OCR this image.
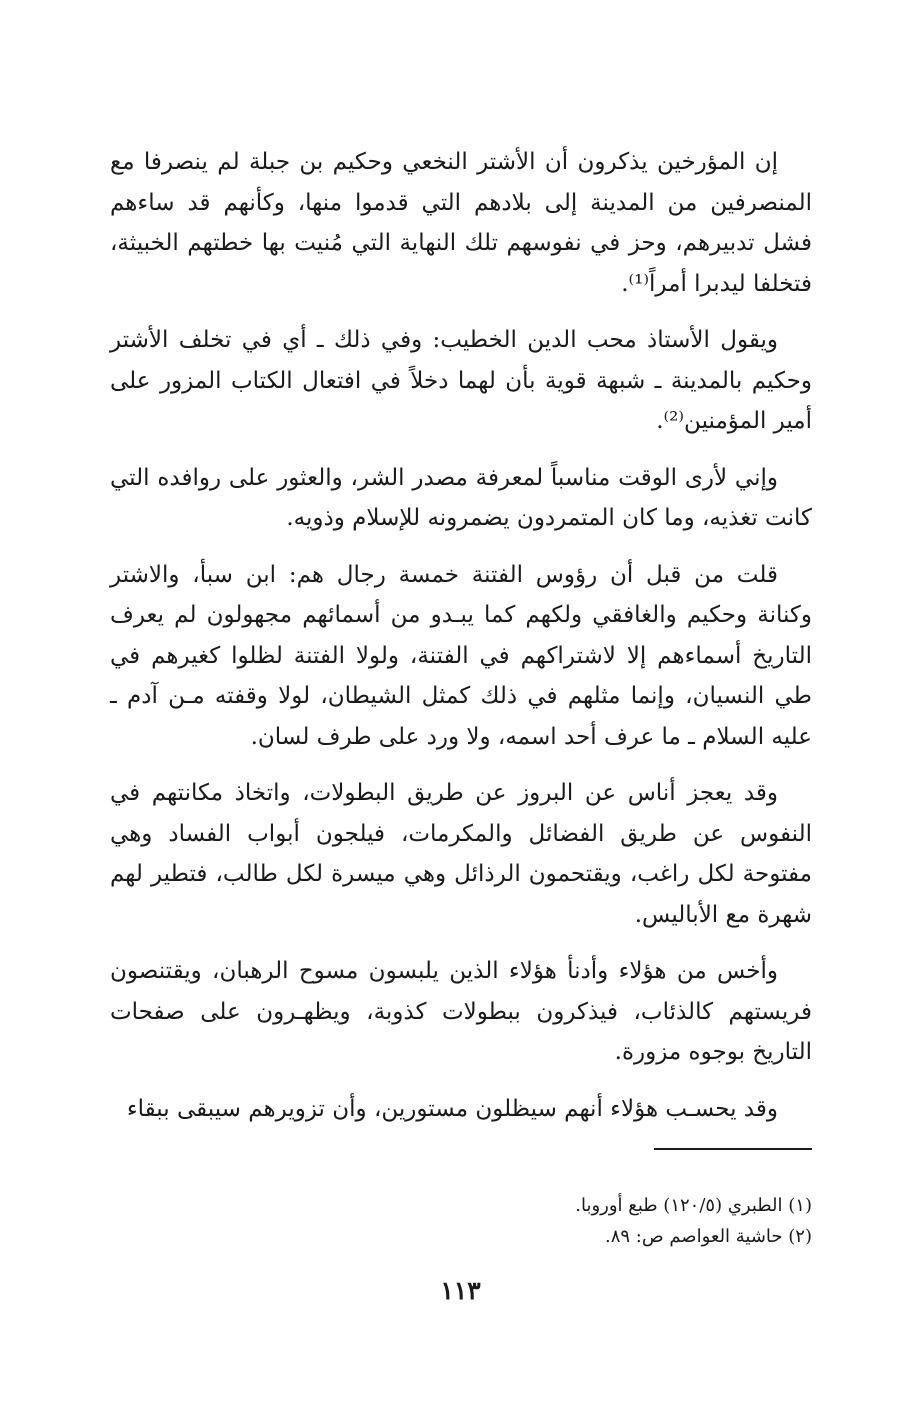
إن المؤرخين يذكرون أن الأشتر النخعي وحكيم بن جبلة لم ينصرفا مع المنصرفين من المدينة إلى بلادهم التي قدموا منها، وكأنهم قد ساءهم فشل تدبيرهم، وحز في نفوسهم تلك النهاية التي مُنيت بها خطتهم الخبيثة، فتخلفا ليدبرا أمراً⁽¹⁾.

ويقول الأستاذ محب الدين الخطيب: وفي ذلك ـ أي في تخلف الأشتر وحكيم بالمدينة ـ شبهة قوية بأن لهما دخلاً في افتعال الكتاب المزور على أمير المؤمنين⁽²⁾.

وإني لأرى الوقت مناسباً لمعرفة مصدر الشر، والعثور على روافده التي كانت تغذيه، وما كان المتمردون يضمرونه للإسلام وذويه.

قلت من قبل أن رؤوس الفتنة خمسة رجال هم: ابن سبأ، والاشتر وكنانة وحكيم والغافقي ولكهم كما يبـدو من أسمائهم مجهولون لم يعرف التاريخ أسماءهم إلا لاشتراكهم في الفتنة، ولولا الفتنة لظلوا كغيرهم في طي النسيان، وإنما مثلهم في ذلك كمثل الشيطان، لولا وقفته مـن آدم ـ عليه السلام ـ ما عرف أحد اسمه، ولا ورد على طرف لسان.

وقد يعجز أناس عن البروز عن طريق البطولات، واتخاذ مكانتهم في النفوس عن طريق الفضائل والمكرمات، فيلجون أبواب الفساد وهي مفتوحة لكل راغب، ويقتحمون الرذائل وهي ميسرة لكل طالب، فتطير لهم شهرة مع الأباليس.

وأخس من هؤلاء وأدنأ هؤلاء الذين يلبسون مسوح الرهبان، ويقتنصون فريستهم كالذئاب، فيذكرون ببطولات كذوبة، ويظهـرون على صفحات التاريخ بوجوه مزورة.

وقد يحسـب هؤلاء أنهم سيظلون مستورين، وأن تزويرهم سيبقى ببقاء

(١) الطبري (١٢٠/٥) طبع أوروبا.

(٢) حاشية العواصم ص: ٨٩.

١١٣
